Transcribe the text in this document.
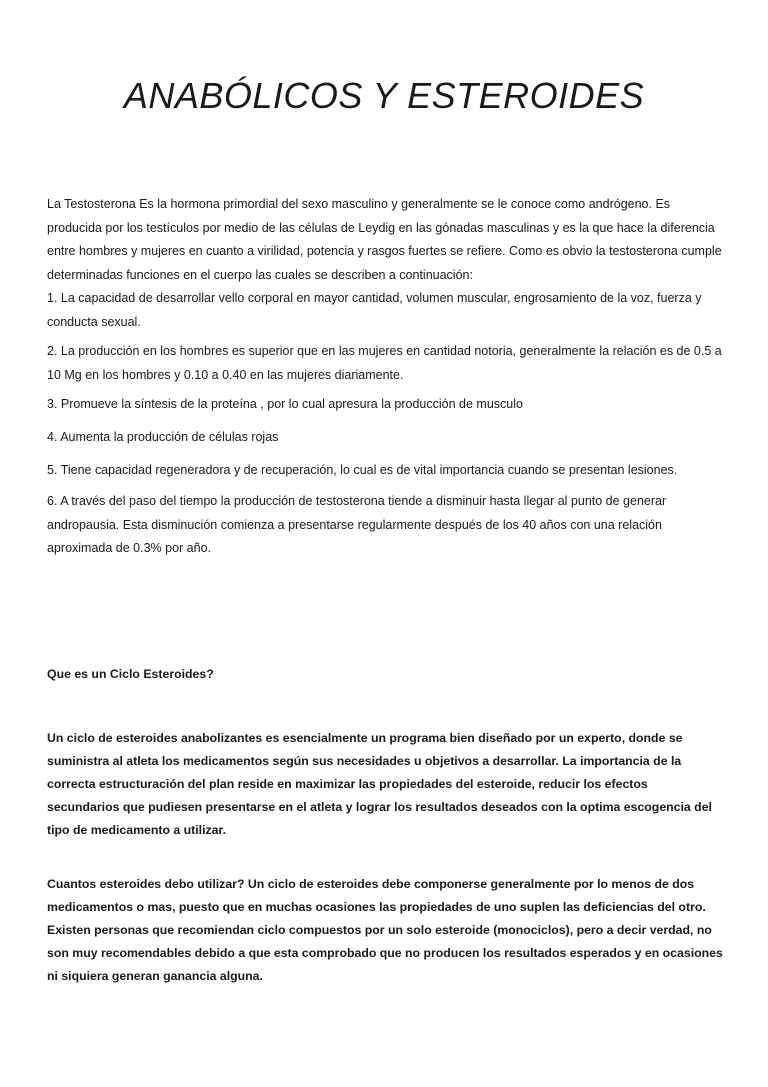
ANABÓLICOS Y ESTEROIDES

La Testosterona Es la hormona primordial del sexo masculino y generalmente se le conoce como andrógeno. Es producida por los testículos por medio de las células de Leydig en las gónadas masculinas y es la que hace la diferencia entre hombres y mujeres en cuanto a virilidad, potencia y rasgos fuertes se refiere. Como es obvio la testosterona cumple determinadas funciones en el cuerpo las cuales se describen a continuación:

1. La capacidad de desarrollar vello corporal en mayor cantidad, volumen muscular, engrosamiento de la voz, fuerza y conducta sexual.

2. La producción en los hombres es superior que en las mujeres en cantidad notoria, generalmente la relación es de 0.5 a 10 Mg en los hombres y 0.10 a 0.40 en las mujeres diariamente.

3. Promueve la síntesis de la proteína , por lo cual apresura la producción de musculo

4. Aumenta la producción de células rojas

5. Tiene capacidad regeneradora y de recuperación, lo cual es de vital importancia cuando se presentan lesiones.

6. A través del paso del tiempo la producción de testosterona tiende a disminuir hasta llegar al punto de generar andropausia. Esta disminución comienza a presentarse regularmente después de los 40 años con una relación aproximada de 0.3% por año.

Que es un Ciclo Esteroides?

Un ciclo de esteroides anabolizantes es esencialmente un programa bien diseñado por un experto, donde se suministra al atleta los medicamentos según sus necesidades u objetivos a desarrollar. La importancia de la correcta estructuración del plan reside en maximizar las propiedades del esteroide, reducir los efectos secundarios que pudiesen presentarse en el atleta y lograr los resultados deseados con la optima escogencia del tipo de medicamento a utilizar.

Cuantos esteroides debo utilizar? Un ciclo de esteroides debe componerse generalmente por lo menos de dos medicamentos o mas, puesto que en muchas ocasiones las propiedades de uno suplen las deficiencias del otro. Existen personas que recomiendan ciclo compuestos por un solo esteroide (monociclos), pero a decir verdad, no son muy recomendables debido a que esta comprobado que no producen los resultados esperados y en ocasiones ni siquiera generan ganancia alguna.
